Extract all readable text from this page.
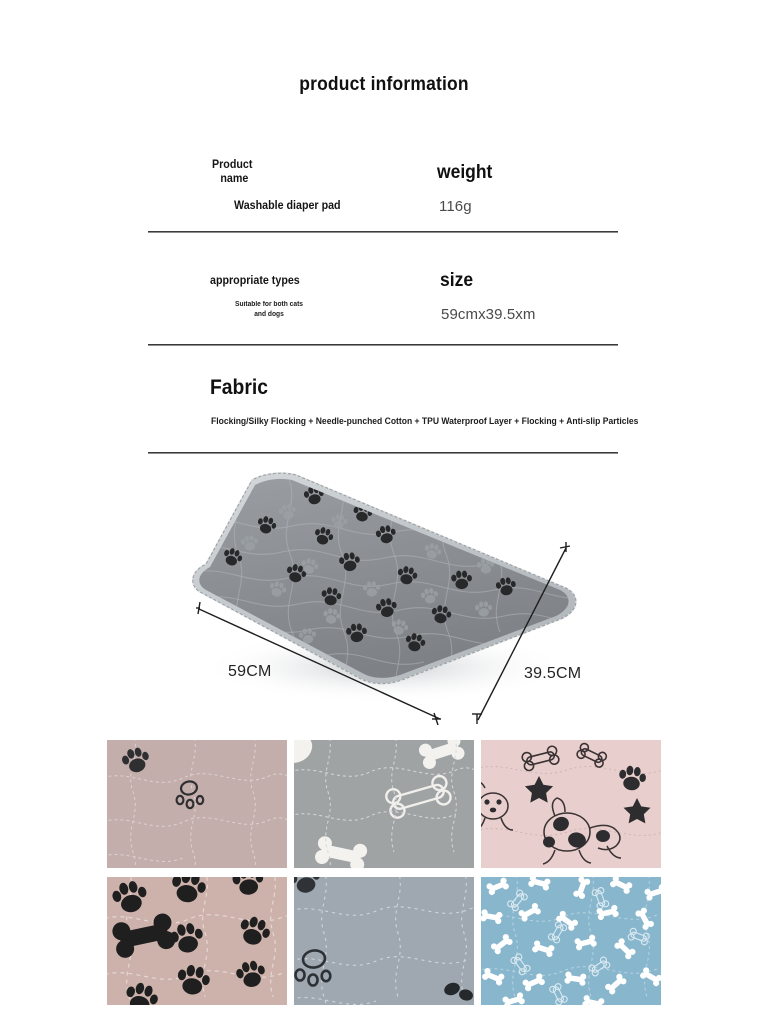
product information
Product
name
Washable diaper pad
weight
116g
appropriate types
Suitable for both cats
and dogs
size
59cmx39.5xm
Fabric
Flocking/Silky Flocking + Needle-punched Cotton + TPU Waterproof Layer + Flocking + Anti-slip Particles
59CM	39.5CM
